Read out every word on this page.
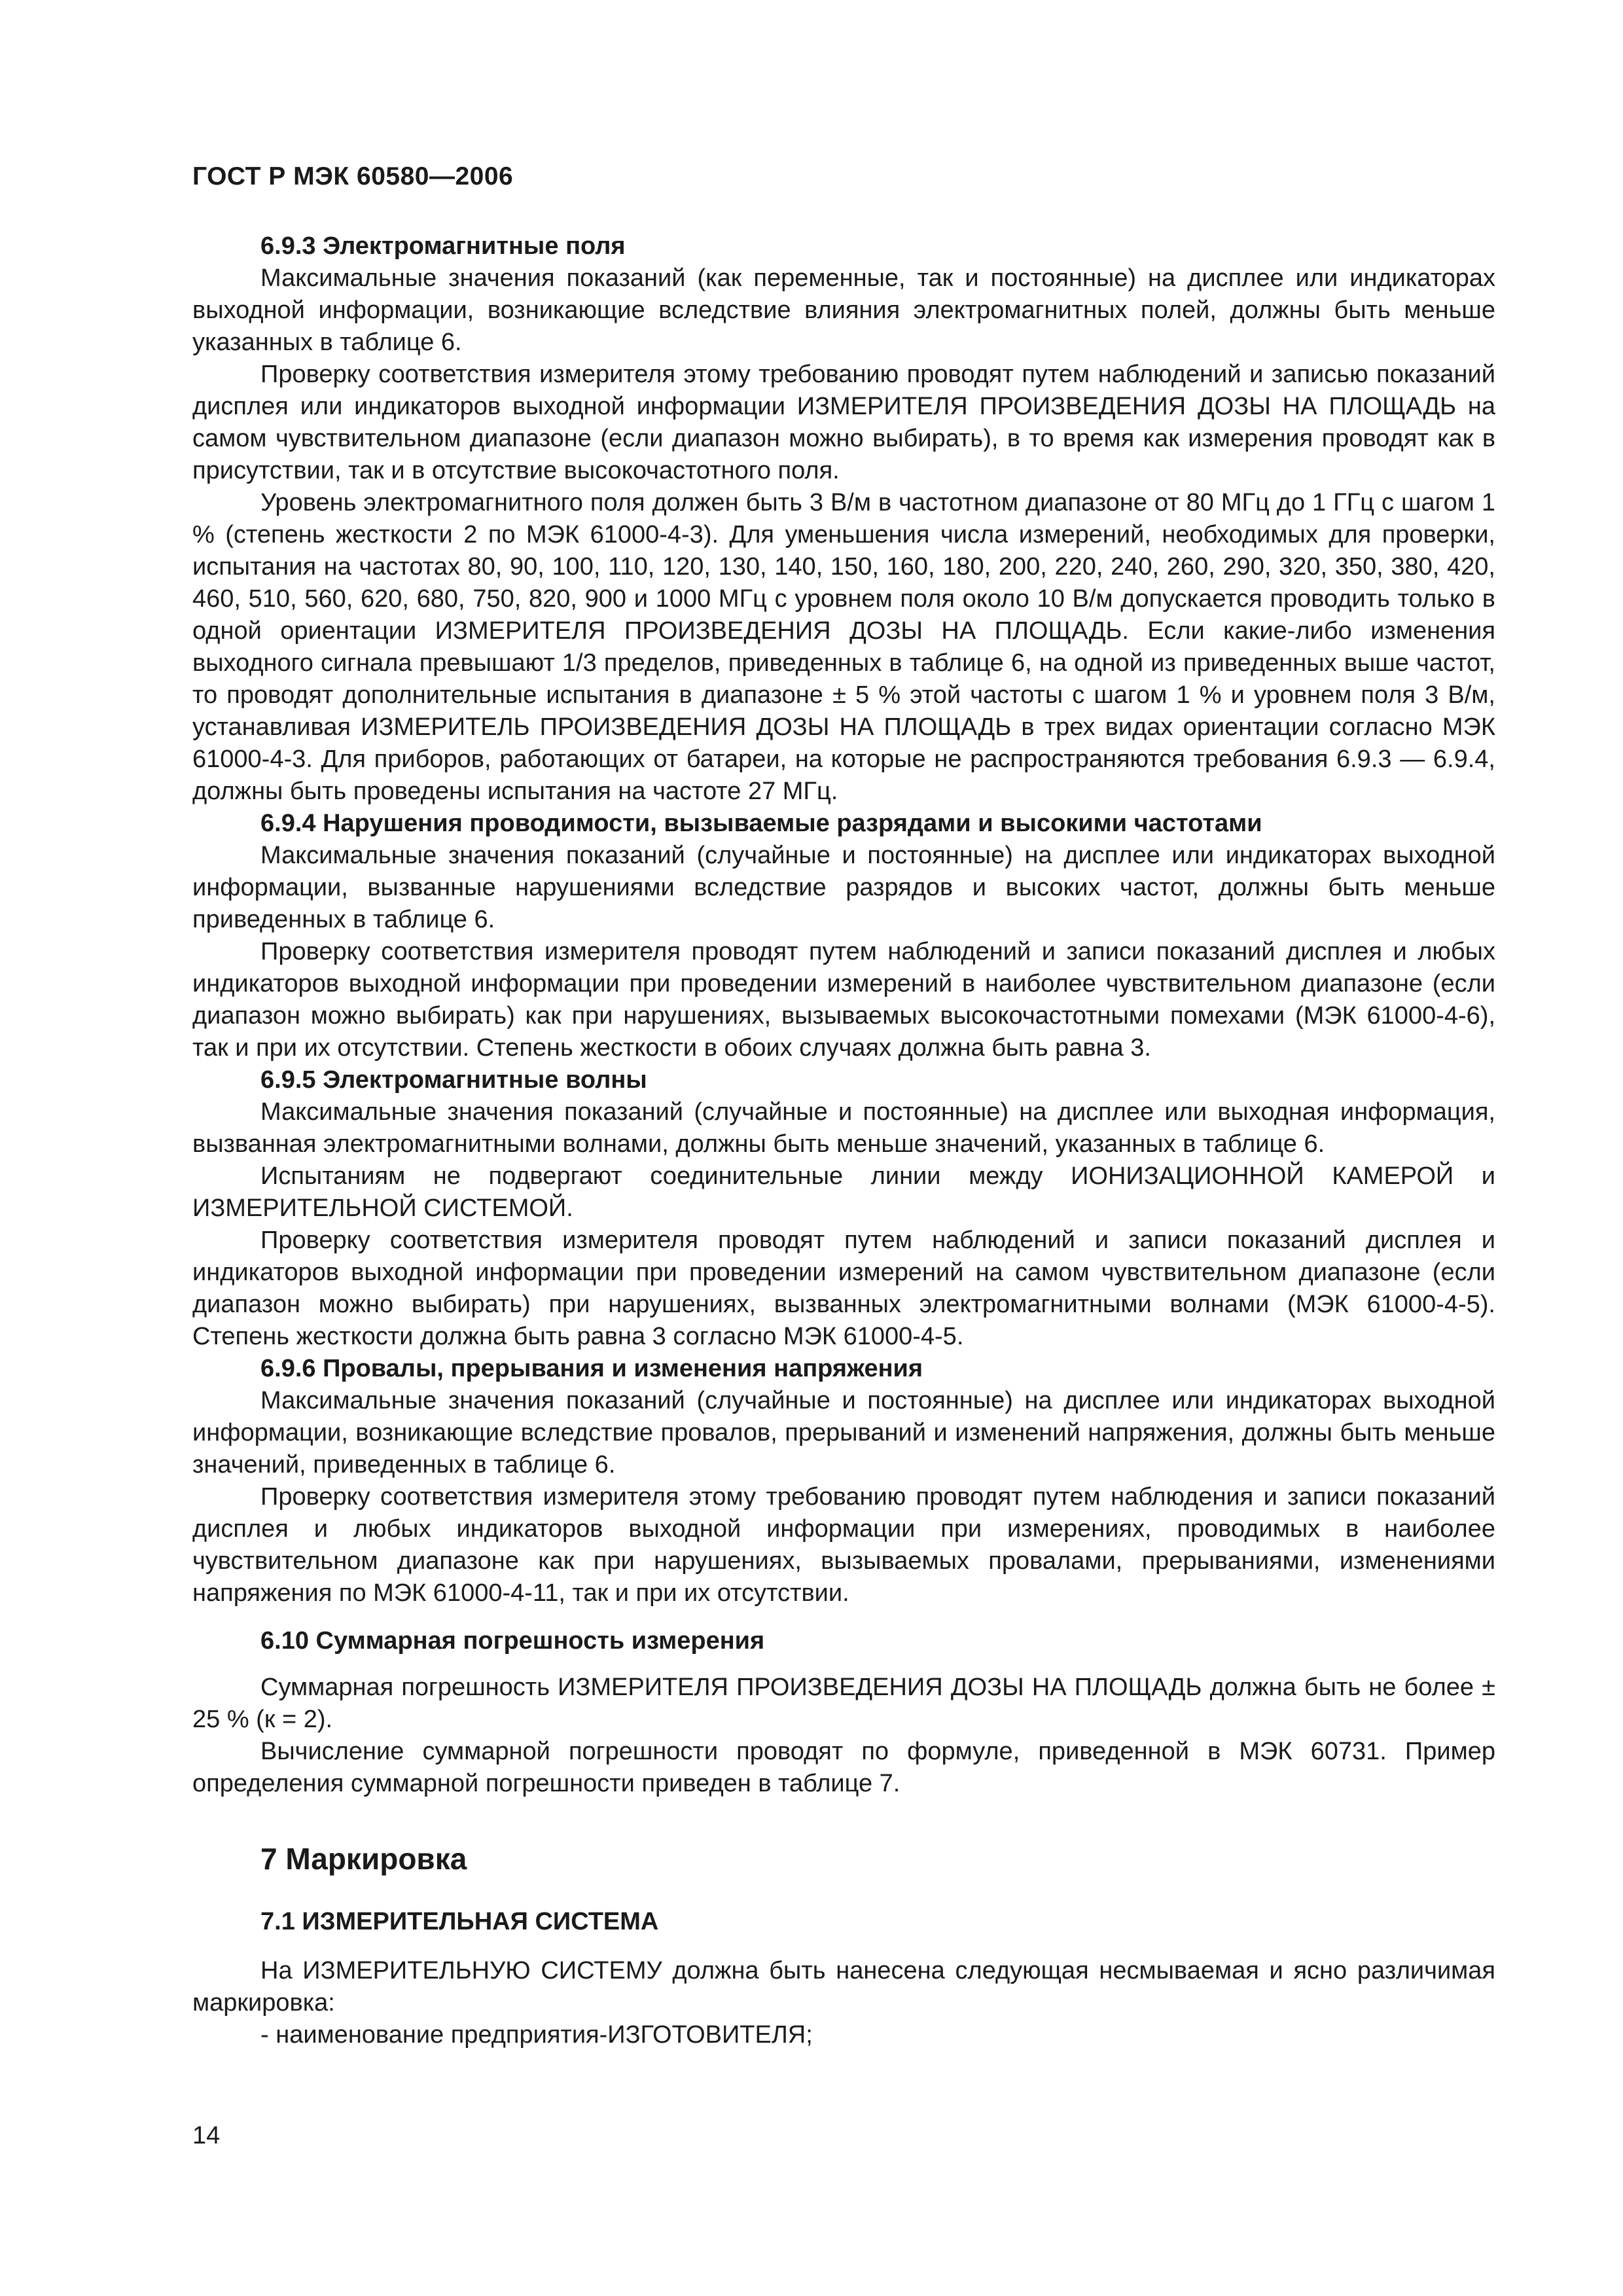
ГОСТ Р МЭК 60580—2006
6.9.3 Электромагнитные поля

Максимальные значения показаний (как переменные, так и постоянные) на дисплее или индикаторах выходной информации, возникающие вследствие влияния электромагнитных полей, должны быть меньше указанных в таблице 6.

Проверку соответствия измерителя этому требованию проводят путем наблюдений и записью показаний дисплея или индикаторов выходной информации ИЗМЕРИТЕЛЯ ПРОИЗВЕДЕНИЯ ДОЗЫ НА ПЛОЩАДЬ на самом чувствительном диапазоне (если диапазон можно выбирать), в то время как измерения проводят как в присутствии, так и в отсутствие высокочастотного поля.

Уровень электромагнитного поля должен быть 3 В/м в частотном диапазоне от 80 МГц до 1 ГГц с шагом 1 % (степень жесткости 2 по МЭК 61000-4-3). Для уменьшения числа измерений, необходимых для проверки, испытания на частотах 80, 90, 100, 110, 120, 130, 140, 150, 160, 180, 200, 220, 240, 260, 290, 320, 350, 380, 420, 460, 510, 560, 620, 680, 750, 820, 900 и 1000 МГц с уровнем поля около 10 В/м допускается проводить только в одной ориентации ИЗМЕРИТЕЛЯ ПРОИЗВЕДЕНИЯ ДОЗЫ НА ПЛОЩАДЬ. Если какие-либо изменения выходного сигнала превышают 1/3 пределов, приведенных в таблице 6, на одной из приведенных выше частот, то проводят дополнительные испытания в диапазоне ± 5 % этой частоты с шагом 1 % и уровнем поля 3 В/м, устанавливая ИЗМЕРИТЕЛЬ ПРОИЗВЕДЕНИЯ ДОЗЫ НА ПЛОЩАДЬ в трех видах ориентации согласно МЭК 61000-4-3. Для приборов, работающих от батареи, на которые не распространяются требования 6.9.3 — 6.9.4, должны быть проведены испытания на частоте 27 МГц.

6.9.4 Нарушения проводимости, вызываемые разрядами и высокими частотами

Максимальные значения показаний (случайные и постоянные) на дисплее или индикаторах выходной информации, вызванные нарушениями вследствие разрядов и высоких частот, должны быть меньше приведенных в таблице 6.

Проверку соответствия измерителя проводят путем наблюдений и записи показаний дисплея и любых индикаторов выходной информации при проведении измерений в наиболее чувствительном диапазоне (если диапазон можно выбирать) как при нарушениях, вызываемых высокочастотными помехами (МЭК 61000-4-6), так и при их отсутствии. Степень жесткости в обоих случаях должна быть равна 3.

6.9.5 Электромагнитные волны

Максимальные значения показаний (случайные и постоянные) на дисплее или выходная информация, вызванная электромагнитными волнами, должны быть меньше значений, указанных в таблице 6.

Испытаниям не подвергают соединительные линии между ИОНИЗАЦИОННОЙ КАМЕРОЙ и ИЗМЕРИТЕЛЬНОЙ СИСТЕМОЙ.

Проверку соответствия измерителя проводят путем наблюдений и записи показаний дисплея и индикаторов выходной информации при проведении измерений на самом чувствительном диапазоне (если диапазон можно выбирать) при нарушениях, вызванных электромагнитными волнами (МЭК 61000-4-5). Степень жесткости должна быть равна 3 согласно МЭК 61000-4-5.

6.9.6 Провалы, прерывания и изменения напряжения

Максимальные значения показаний (случайные и постоянные) на дисплее или индикаторах выходной информации, возникающие вследствие провалов, прерываний и изменений напряжения, должны быть меньше значений, приведенных в таблице 6.

Проверку соответствия измерителя этому требованию проводят путем наблюдения и записи показаний дисплея и любых индикаторов выходной информации при измерениях, проводимых в наиболее чувствительном диапазоне как при нарушениях, вызываемых провалами, прерываниями, изменениями напряжения по МЭК 61000-4-11, так и при их отсутствии.

6.10 Суммарная погрешность измерения

Суммарная погрешность ИЗМЕРИТЕЛЯ ПРОИЗВЕДЕНИЯ ДОЗЫ НА ПЛОЩАДЬ должна быть не более ± 25 % (к = 2).

Вычисление суммарной погрешности проводят по формуле, приведенной в МЭК 60731. Пример определения суммарной погрешности приведен в таблице 7.

7 Маркировка
7.1 ИЗМЕРИТЕЛЬНАЯ СИСТЕМА

На ИЗМЕРИТЕЛЬНУЮ СИСТЕМУ должна быть нанесена следующая несмываемая и ясно различимая маркировка:

- наименование предприятия-ИЗГОТОВИТЕЛЯ;

14
